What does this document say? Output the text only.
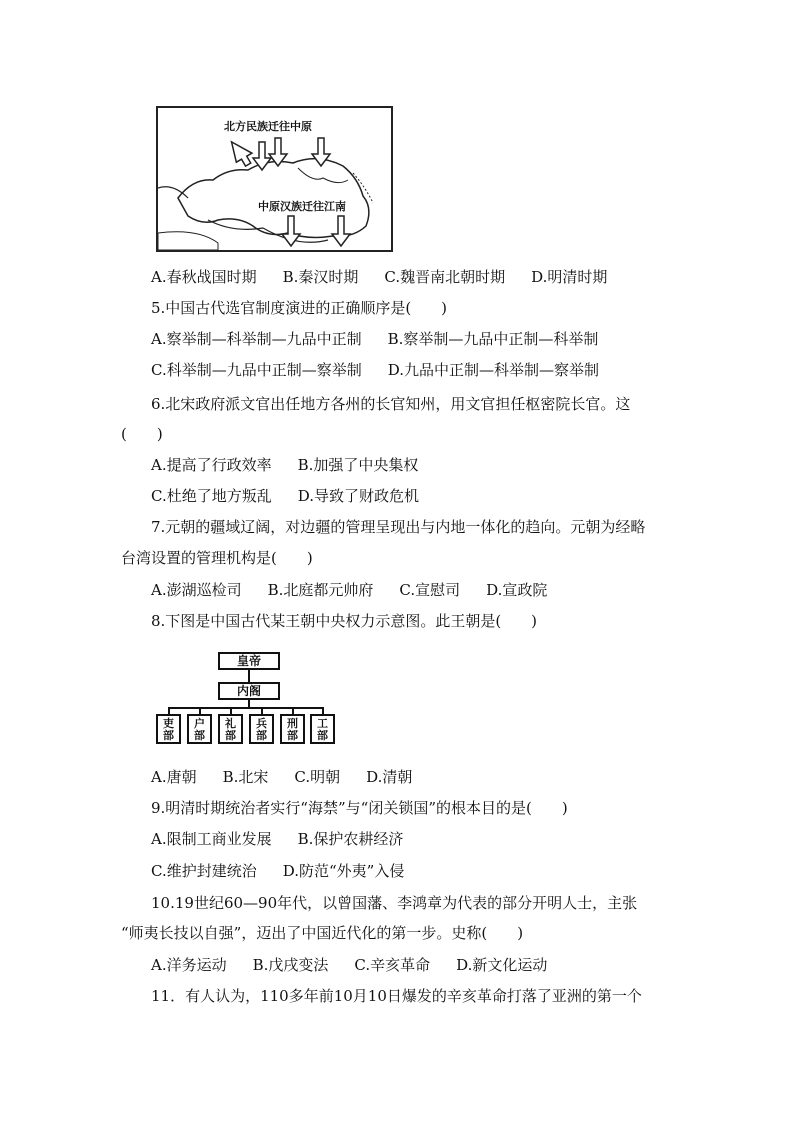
北方民族迁往中原
中原汉族迁往江南
A.春秋战国时期 B.秦汉时期 C.魏晋南北朝时期 D.明清时期
5.中国古代选官制度演进的正确顺序是(　　)
A.察举制—科举制—九品中正制 B.察举制—九品中正制—科举制
C.科举制—九品中正制—察举制 D.九品中正制—科举制—察举制
6.北宋政府派文官出任地方各州的长官知州，用文官担任枢密院长官。这
(　　)
A.提高了行政效率 B.加强了中央集权
C.杜绝了地方叛乱 D.导致了财政危机
7.元朝的疆域辽阔，对边疆的管理呈现出与内地一体化的趋向。元朝为经略
台湾设置的管理机构是(　　)
A.澎湖巡检司 B.北庭都元帅府 C.宣慰司 D.宣政院
8.下图是中国古代某王朝中央权力示意图。此王朝是(　　)
皇帝
内阁
吏
部
户
部
礼
部
兵
部
刑
部
工
部
A.唐朝 B.北宋 C.明朝 D.清朝
9.明清时期统治者实行“海禁”与“闭关锁国”的根本目的是(　　)
A.限制工商业发展 B.保护农耕经济
C.维护封建统治 D.防范“外夷”入侵
10.19世纪60—90年代，以曾国藩、李鸿章为代表的部分开明人士，主张
“师夷长技以自强”，迈出了中国近代化的第一步。史称(　　)
A.洋务运动 B.戊戌变法 C.辛亥革命 D.新文化运动
11．有人认为，110多年前10月10日爆发的辛亥革命打落了亚洲的第一个
